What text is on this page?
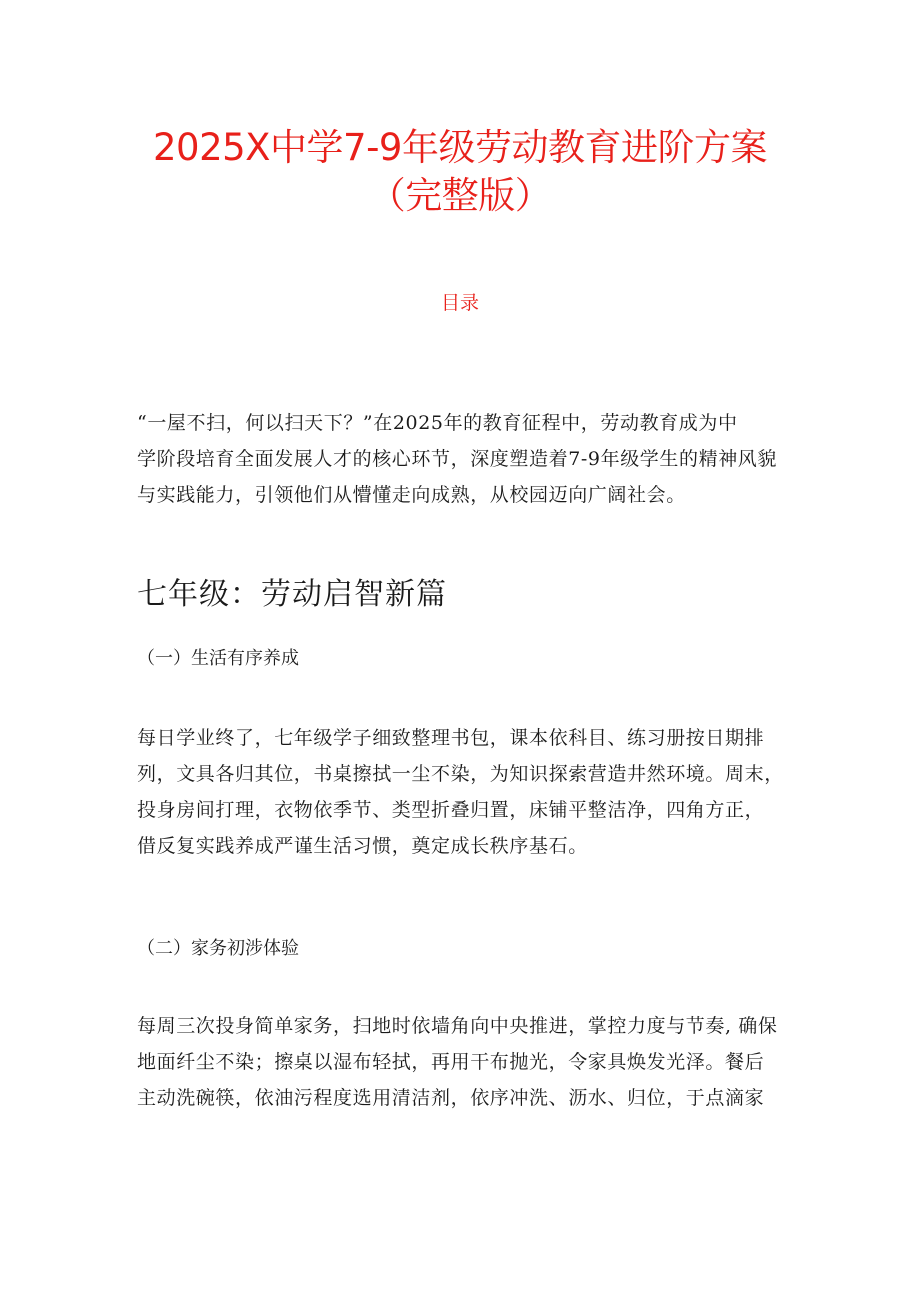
2025X中学7-9年级劳动教育进阶方案
（完整版）
目录
“一屋不扫，何以扫天下？”在2025年的教育征程中，劳动教育成为中
学阶段培育全面发展人才的核心环节，深度塑造着7-9年级学生的精神风貌
与实践能力，引领他们从懵懂走向成熟，从校园迈向广阔社会。
七年级：劳动启智新篇
（一）生活有序养成
每日学业终了，七年级学子细致整理书包，课本依科目、练习册按日期排
列，文具各归其位，书桌擦拭一尘不染，为知识探索营造井然环境。周末，
投身房间打理，衣物依季节、类型折叠归置，床铺平整洁净，四角方正，
借反复实践养成严谨生活习惯，奠定成长秩序基石。
（二）家务初涉体验
每周三次投身简单家务，扫地时依墙角向中央推进，掌控力度与节奏, 确保
地面纤尘不染；擦桌以湿布轻拭，再用干布抛光，令家具焕发光泽。餐后
主动洗碗筷，依油污程度选用清洁剂，依序冲洗、沥水、归位，于点滴家
